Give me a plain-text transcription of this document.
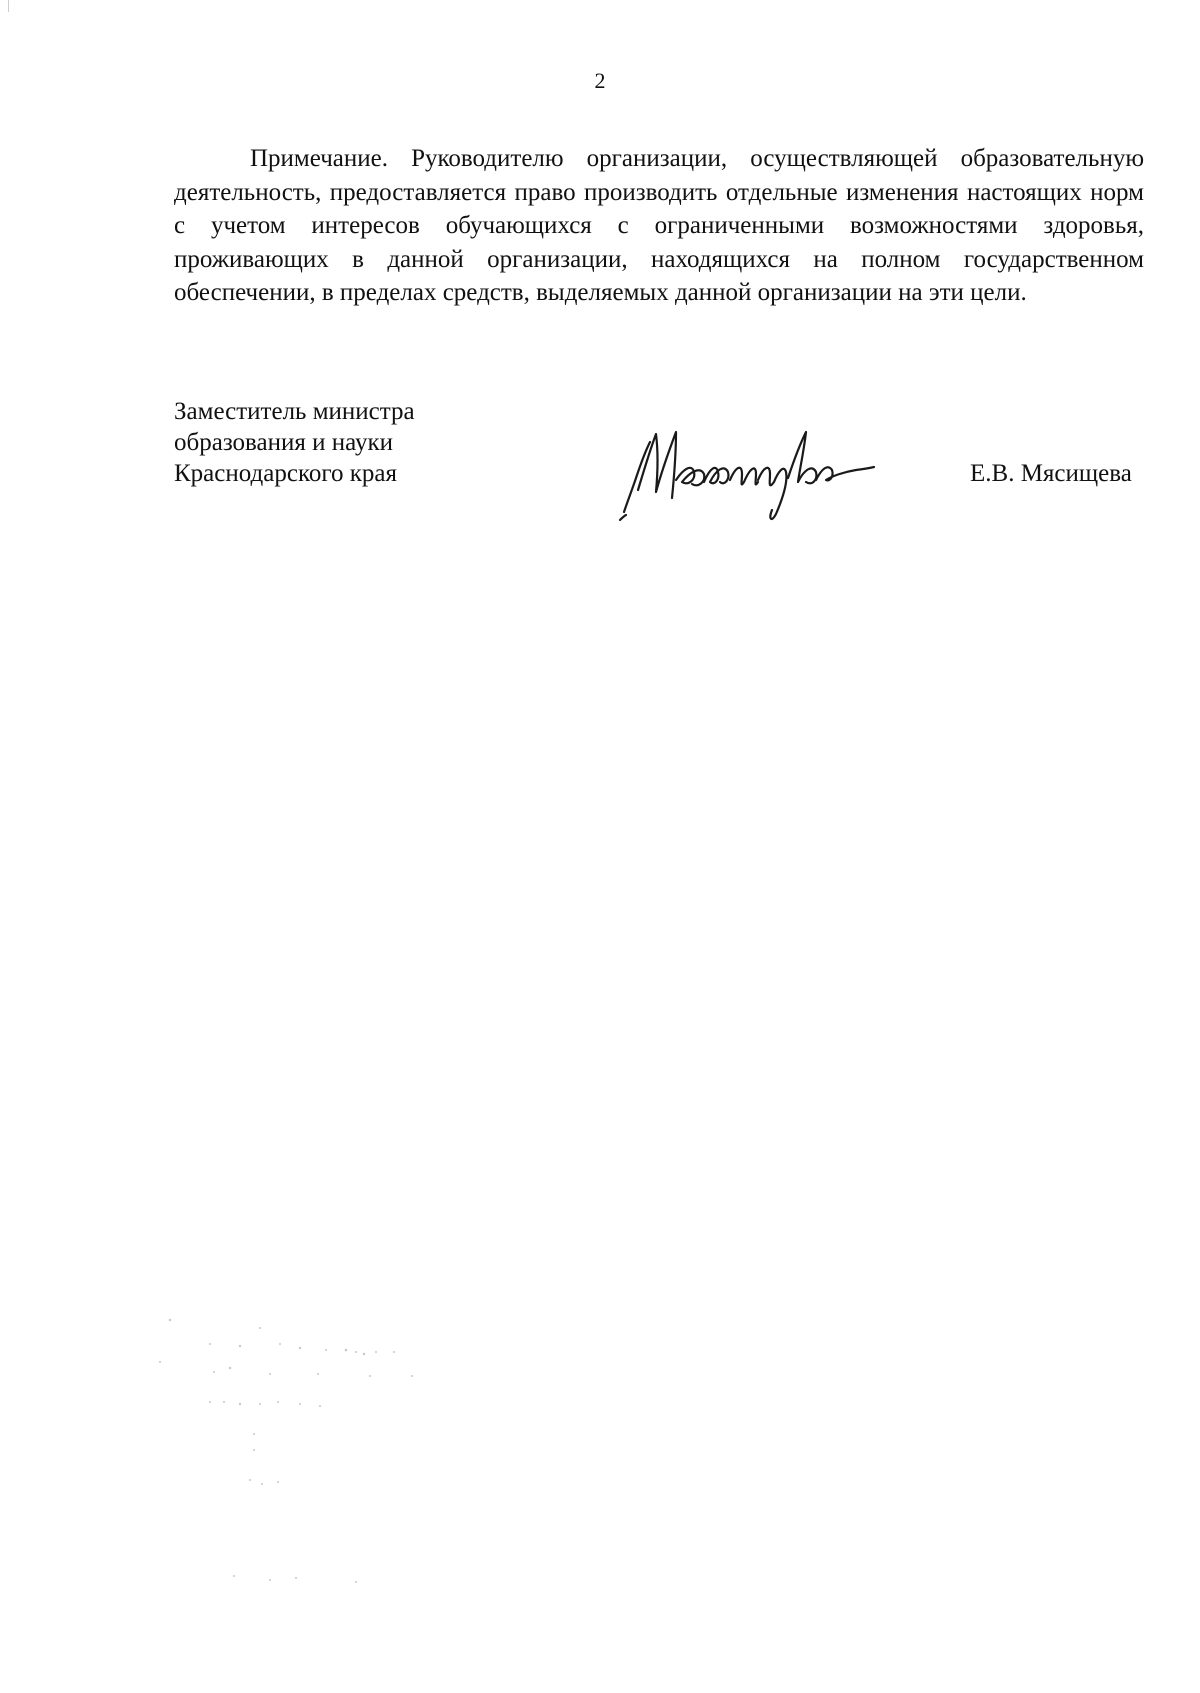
2

Примечание. Руководителю организации, осуществляющей образовательную деятельность, предоставляется право производить отдельные изменения настоящих норм с учетом интересов обучающихся с ограниченными возможностями здоровья, проживающих в данной организации, находящихся на полном государственном обеспечении, в пределах средств, выделяемых данной организации на эти цели.

Заместитель министра
образования и науки
Краснодарского края	Е.В. Мясищева
